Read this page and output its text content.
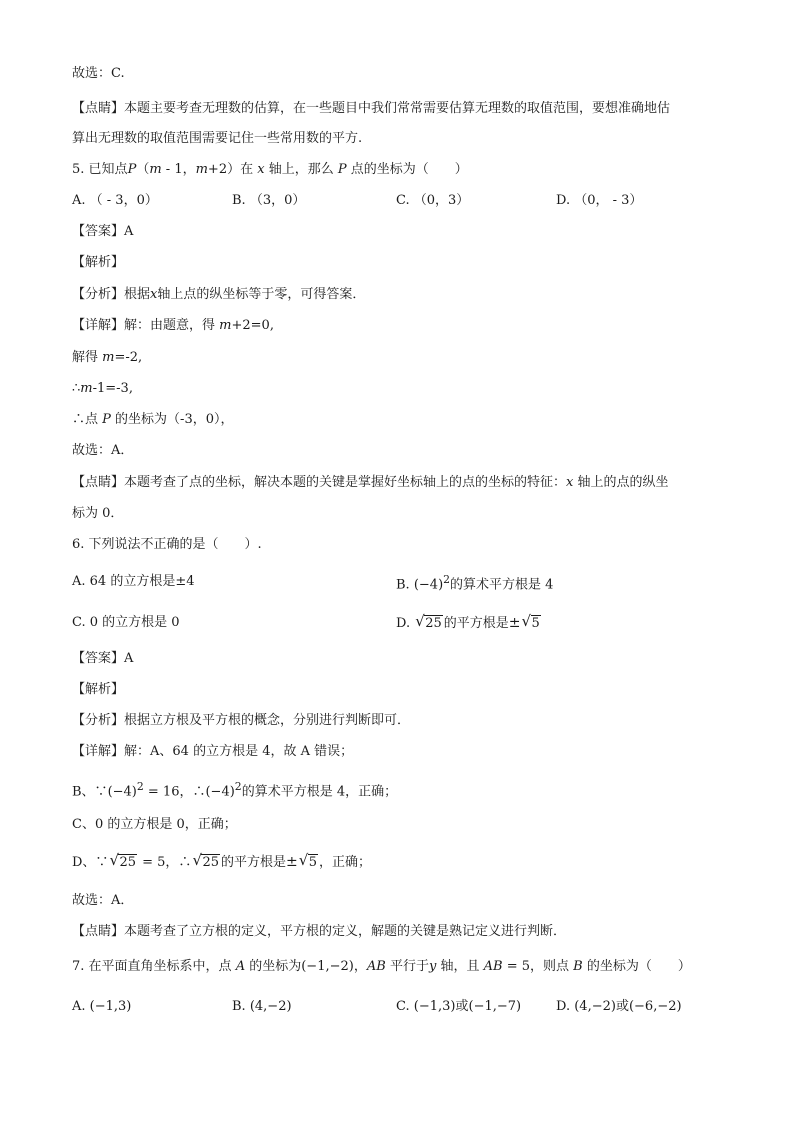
故选：C.
【点睛】本题主要考查无理数的估算，在一些题目中我们常常需要估算无理数的取值范围，要想准确地估
算出无理数的取值范围需要记住一些常用数的平方.
5. 已知点P（m - 1，m+2）在 x 轴上，那么 P 点的坐标为（　　）
A. （ - 3，0）	B. （3，0）	C. （0，3）	D. （0， - 3）
【答案】A
【解析】
【分析】根据x轴上点的纵坐标等于零，可得答案．
【详解】解：由题意，得 m+2=0,
解得 m=-2,
∴m-1=-3,
∴点 P 的坐标为（-3，0），
故选：A．
【点睛】本题考查了点的坐标，解决本题的关键是掌握好坐标轴上的点的坐标的特征：x 轴上的点的纵坐
标为 0．
6. 下列说法不正确的是（　　）.
A. 64 的立方根是±4	B. $(-4)^2$的算术平方根是 4
C. 0 的立方根是 0	D. √ 25 的平方根是± √ 5
【答案】A
【解析】
【分析】根据立方根及平方根的概念，分别进行判断即可．
【详解】解：A、64 的立方根是 4，故 A 错误；
B、$\because(-4)^2 = 16$，$\therefore(-4)^2$的算术平方根是 4，正确；
C、0 的立方根是 0，正确；
D、∵ √ 25 = 5，∴ √ 25 的平方根是± √ 5 ，正确；
故选：A．
【点睛】本题考查了立方根的定义，平方根的定义，解题的关键是熟记定义进行判断．
7. 在平面直角坐标系中，点 A 的坐标为(−1,−2)，AB 平行于y 轴，且 AB = 5，则点 B 的坐标为（　　）
A. (−1,3)	B. (4,−2)	C. (−1,3)或(−1,−7)	D. (4,−2)或(−6,−2)
